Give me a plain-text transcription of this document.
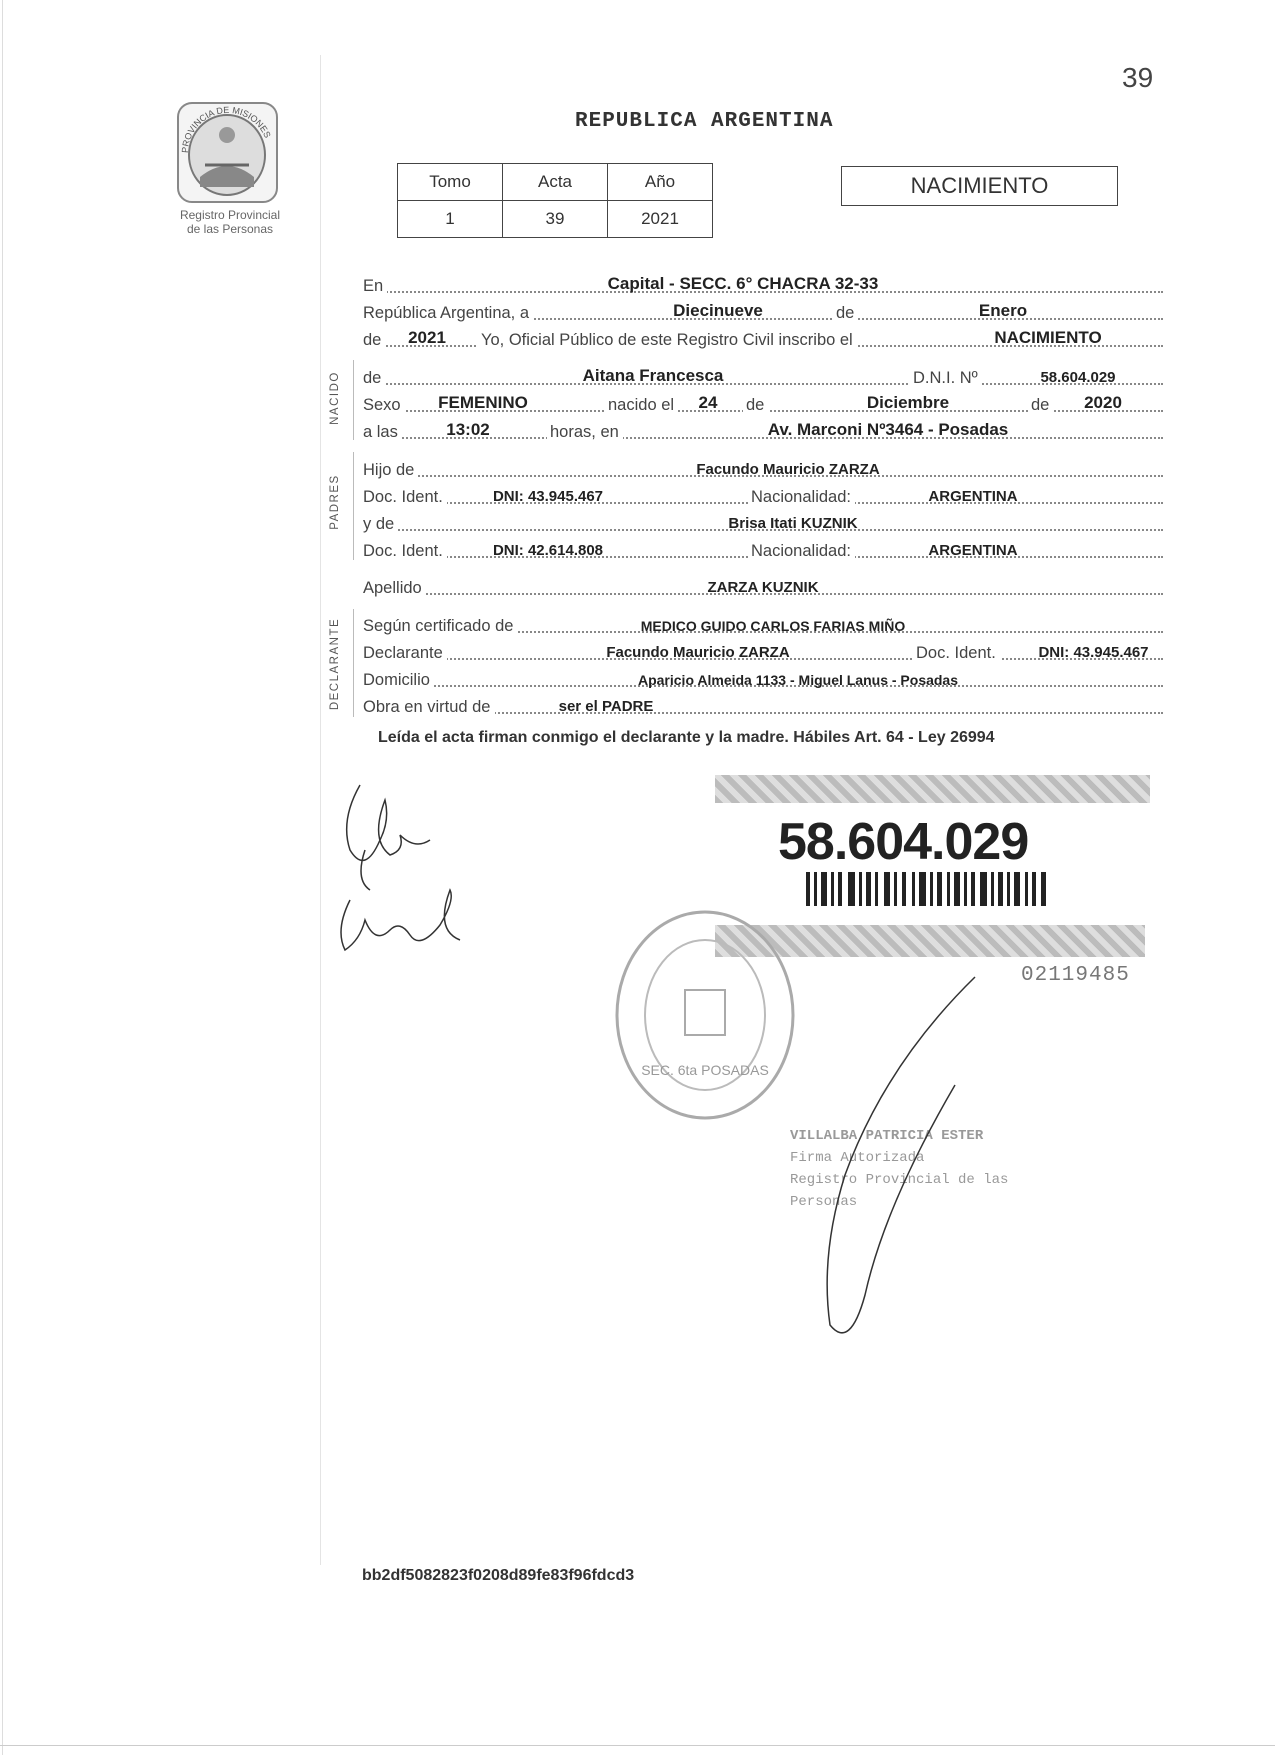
39
REPUBLICA ARGENTINA
PROVINCIA DE MISIONES
Registro Provincial
de las Personas
Tomo	Acta	Año
1	39	2021
NACIMIENTO
En	Capital - SECC. 6° CHACRA 32-33
República Argentina, a	Diecinueve	de	Enero
de	2021	Yo, Oficial Público de este Registro Civil inscribo el	NACIMIENTO
NACIDO de	Aitana Francesca	D.N.I. Nº	58.604.029
Sexo	FEMENINO	nacido el	24	de	Diciembre	de	2020
a las	13:02	horas, en	Av. Marconi Nº3464 - Posadas
PADRES
Hijo de	Facundo Mauricio ZARZA
Doc. Ident.	DNI: 43.945.467	Nacionalidad:	ARGENTINA
y de	Brisa Itati KUZNIK
Doc. Ident.	DNI: 42.614.808	Nacionalidad:	ARGENTINA
Apellido	ZARZA KUZNIK
DECLARANTE Según certificado de	MEDICO GUIDO CARLOS FARIAS MIÑO
Declarante	Facundo Mauricio ZARZA	Doc. Ident.	DNI: 43.945.467
Domicilio	Aparicio Almeida 1133 - Miguel Lanus - Posadas
Obra en virtud de	ser el PADRE
Leída el acta firman conmigo el declarante y la madre. Hábiles Art. 64 - Ley 26994
58.604.029
02119485
SEC. 6ta POSADAS
VILLALBA PATRICIA ESTER
Firma Autorizada
Registro Provincial de las Personas
bb2df5082823f0208d89fe83f96fdcd3
